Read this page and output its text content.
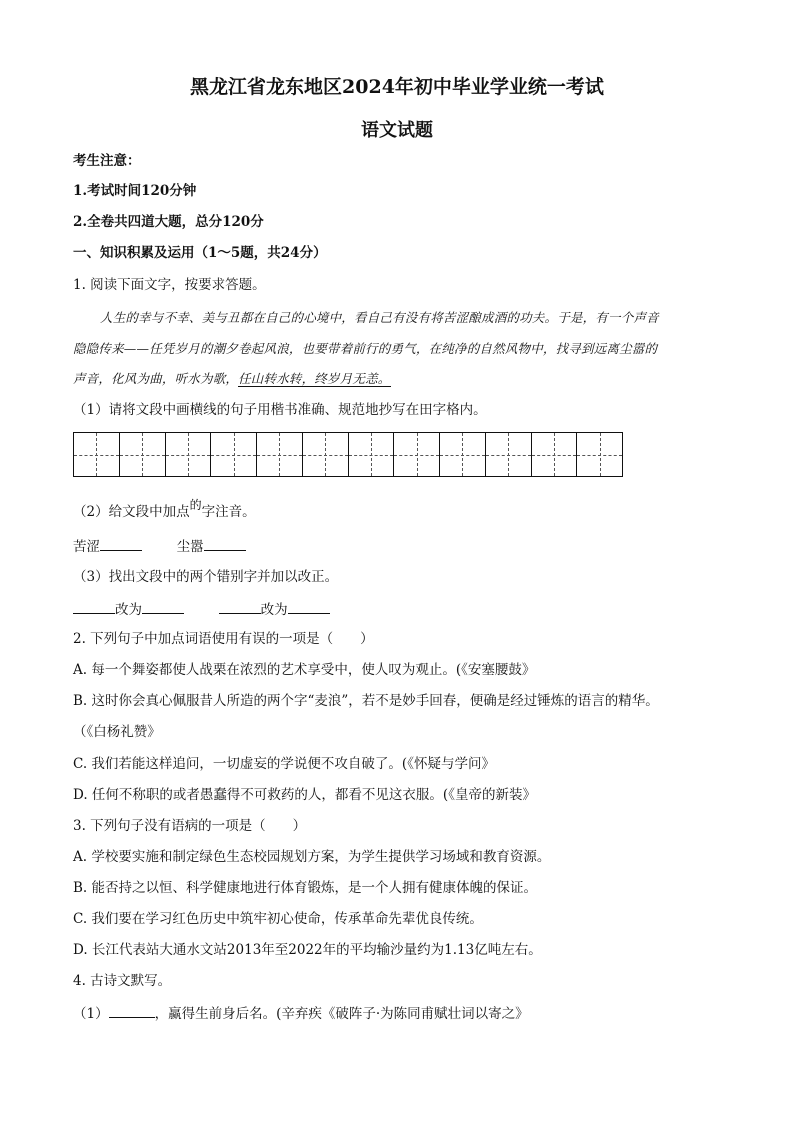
黑龙江省龙东地区2024年初中毕业学业统一考试
语文试题
考生注意：
1.考试时间120分钟
2.全卷共四道大题，总分120分
一、知识积累及运用（1～5题，共24分）
1. 阅读下面文字，按要求答题。
人生的幸与不幸、美与丑都在自己的心境中，看自己有没有将苦涩酿成酒的功夫。于是，有一个声音
隐隐传来——任凭岁月的潮夕卷起风浪，也要带着前行的勇气，在纯净的自然风物中，找寻到远离尘嚣的
声音，化风为曲，听水为歌，任山转水转，终岁月无恙。
（1）请将文段中画横线的句子用楷书准确、规范地抄写在田字格内。
（2）给文段中加点的字注音。
苦涩	尘嚣
（3）找出文段中的两个错别字并加以改正。
改为	改为
2. 下列句子中加点词语使用有误的一项是（　　）
A. 每一个舞姿都使人战栗在浓烈的艺术享受中，使人叹为观止。(《安塞腰鼓》
B. 这时你会真心佩服昔人所造的两个字“麦浪”，若不是妙手回春，便确是经过锤炼的语言的精华。
（《白杨礼赞》
C. 我们若能这样追问，一切虚妄的学说便不攻自破了。(《怀疑与学问》
D. 任何不称职的或者愚蠢得不可救药的人，都看不见这衣服。(《皇帝的新装》
3. 下列句子没有语病的一项是（　　）
A. 学校要实施和制定绿色生态校园规划方案，为学生提供学习场域和教育资源。
B. 能否持之以恒、科学健康地进行体育锻炼，是一个人拥有健康体魄的保证。
C. 我们要在学习红色历史中筑牢初心使命，传承革命先辈优良传统。
D. 长江代表站大通水文站2013年至2022年的平均输沙量约为1.13亿吨左右。
4. 古诗文默写。
（1）	，赢得生前身后名。(辛弃疾《破阵子·为陈同甫赋壮词以寄之》
